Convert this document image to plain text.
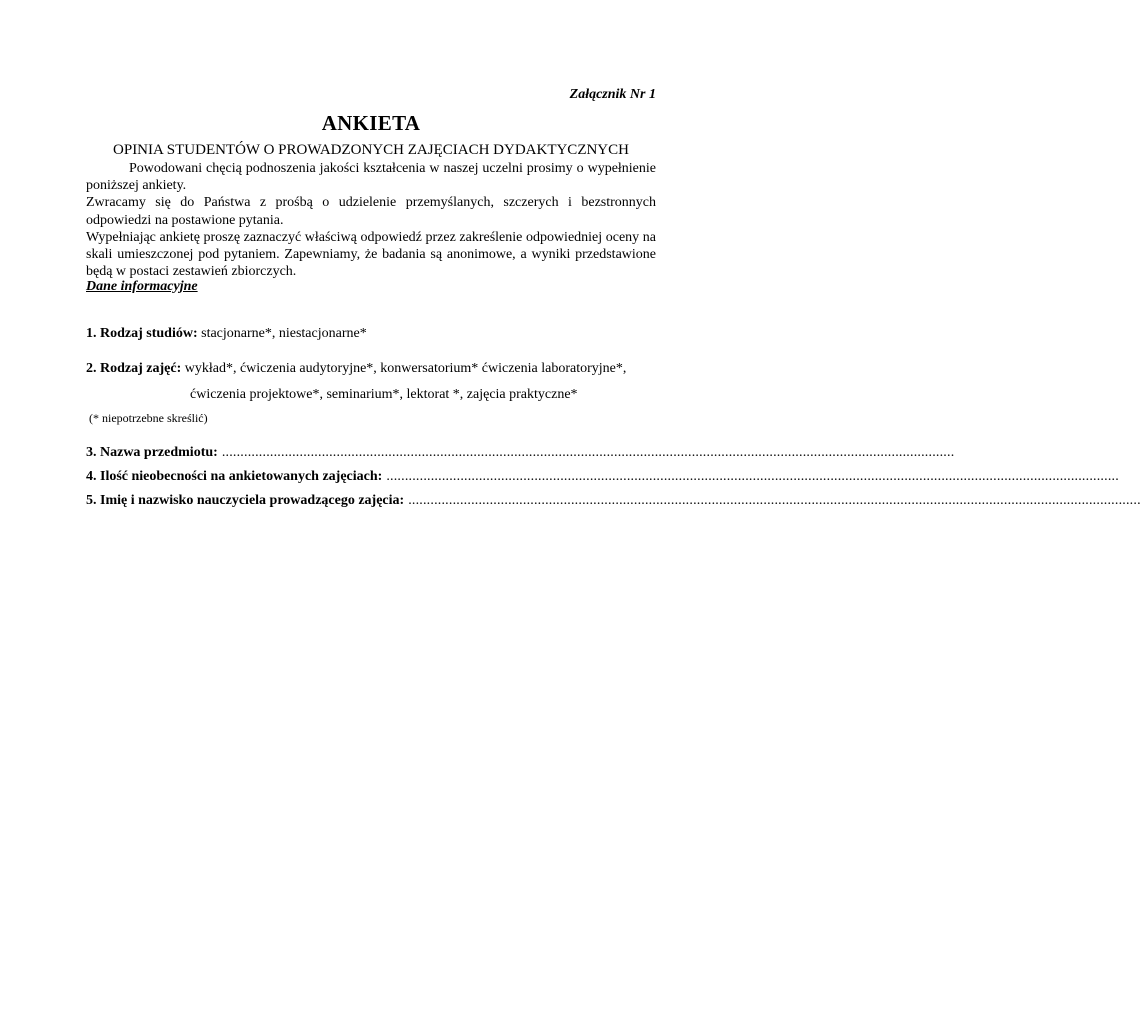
Załącznik Nr 1
ANKIETA
OPINIA STUDENTÓW O PROWADZONYCH ZAJĘCIACH DYDAKTYCZNYCH

Powodowani chęcią podnoszenia jakości kształcenia w naszej uczelni prosimy o wypełnienie poniższej ankiety.

Zwracamy się do Państwa z prośbą o udzielenie przemyślanych, szczerych i bezstronnych odpowiedzi na postawione pytania.

Wypełniając ankietę proszę zaznaczyć właściwą odpowiedź przez zakreślenie odpowiedniej oceny na skali umieszczonej pod pytaniem. Zapewniamy, że badania są anonimowe, a wyniki przedstawione będą w postaci zestawień zbiorczych.

Dane informacyjne
1. Rodzaj studiów: stacjonarne*, niestacjonarne*
2. Rodzaj zajęć: wykład*, ćwiczenia audytoryjne*, konwersatorium* ćwiczenia laboratoryjne*,
ćwiczenia projektowe*, seminarium*, lektorat *, zajęcia praktyczne*
(* niepotrzebne skreślić)
3. Nazwa przedmiotu: ......................................................................................................................................................................................................
4. Ilość nieobecności na ankietowanych zajęciach: ......................................................................................................................................................................................................
5. Imię i nazwisko nauczyciela prowadzącego zajęcia: ......................................................................................................................................................................................................
